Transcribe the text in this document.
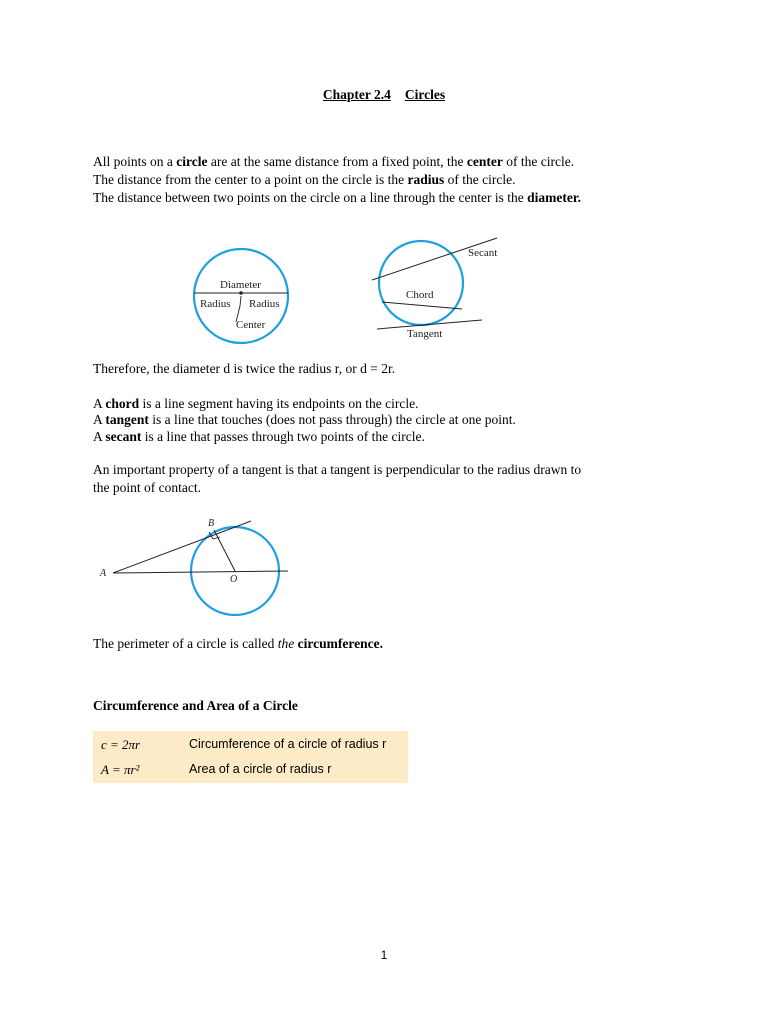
Chapter 2.4 Circles
All points on a circle are at the same distance from a fixed point, the center of the circle.
The distance from the center to a point on the circle is the radius of the circle.
The distance between two points on the circle on a line through the center is the diameter.
Diameter
Radius Radius
Center
Secant
Chord
Tangent
Therefore, the diameter d is twice the radius r, or d = 2r.
A chord is a line segment having its endpoints on the circle.
A tangent is a line that touches (does not pass through) the circle at one point.
A secant is a line that passes through two points of the circle.
An important property of a tangent is that a tangent is perpendicular to the radius drawn to
the point of contact.
A
B
O
The perimeter of a circle is called the circumference.
Circumference and Area of a Circle
c = 2πr	Circumference of a circle of radius r
A = πr²	Area of a circle of radius r
1
